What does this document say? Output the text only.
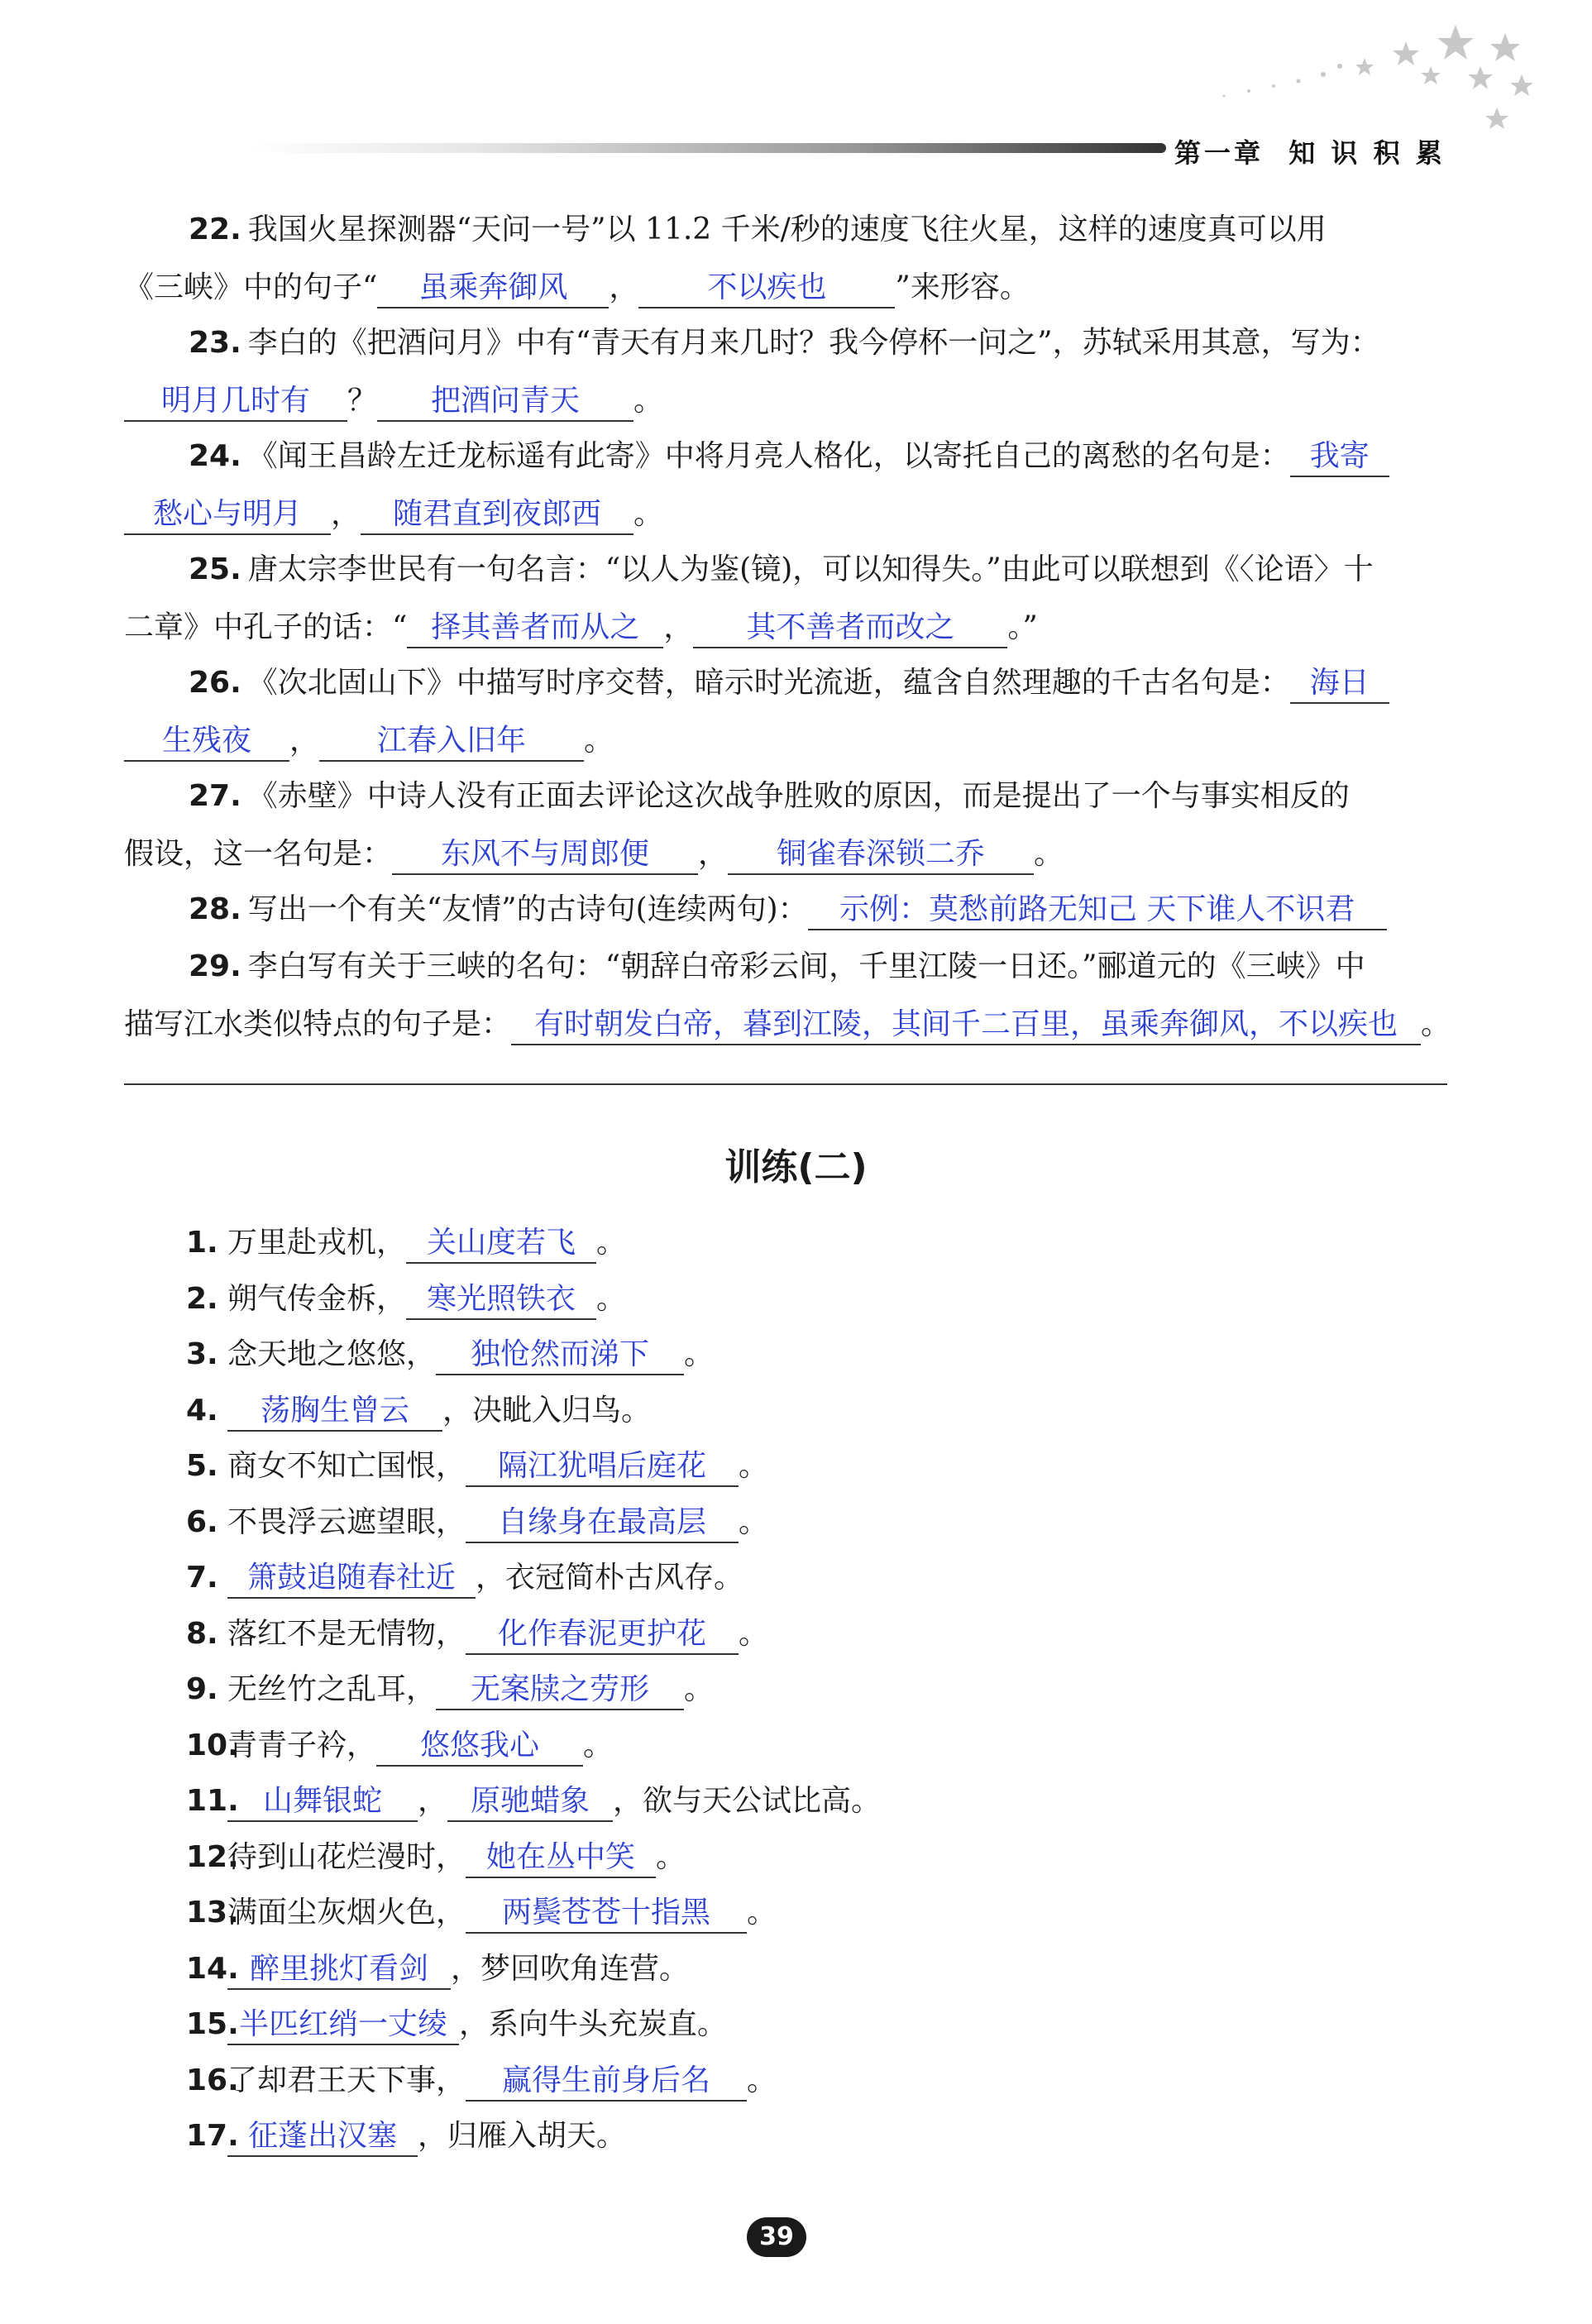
第一章  知 识 积 累
22. 我国火星探测器“天问一号”以 11.2 千米/秒的速度飞往火星，这样的速度真可以用
《三峡》中的句子“ 虽乘奔御风 ， 不以疾也 ”来形容。
23. 李白的《把酒问月》中有“青天有月来几时？我今停杯一问之”，苏轼采用其意，写为：
明月几时有 ？ 把酒问青天 。
24. 《闻王昌龄左迁龙标遥有此寄》中将月亮人格化，以寄托自己的离愁的名句是： 我寄
愁心与明月 ， 随君直到夜郎西 。
25. 唐太宗李世民有一句名言：“以人为鉴(镜)，可以知得失。”由此可以联想到《〈论语〉十
二章》中孔子的话：“ 择其善者而从之 ， 其不善者而改之 。”
26. 《次北固山下》中描写时序交替，暗示时光流逝，蕴含自然理趣的千古名句是： 海日
生残夜 ， 江春入旧年 。
27. 《赤壁》中诗人没有正面去评论这次战争胜败的原因，而是提出了一个与事实相反的
假设，这一名句是： 东风不与周郎便 ， 铜雀春深锁二乔 。
28. 写出一个有关“友情”的古诗句(连续两句)： 示例：莫愁前路无知己 天下谁人不识君
29. 李白写有关于三峡的名句：“朝辞白帝彩云间，千里江陵一日还。”郦道元的《三峡》中
描写江水类似特点的句子是： 有时朝发白帝，暮到江陵，其间千二百里，虽乘奔御风，不以疾也 。
训练(二)
1. 万里赴戎机， 关山度若飞 。
2. 朔气传金柝， 寒光照铁衣 。
3. 念天地之悠悠， 独怆然而涕下 。
4. 荡胸生曾云 ，决眦入归鸟。
5. 商女不知亡国恨， 隔江犹唱后庭花 。
6. 不畏浮云遮望眼， 自缘身在最高层 。
7. 箫鼓追随春社近 ，衣冠简朴古风存。
8. 落红不是无情物， 化作春泥更护花 。
9. 无丝竹之乱耳， 无案牍之劳形 。
10.青青子衿， 悠悠我心 。
11. 山舞银蛇 ， 原驰蜡象 ，欲与天公试比高。
12.待到山花烂漫时， 她在丛中笑 。
13.满面尘灰烟火色， 两鬓苍苍十指黑 。
14. 醉里挑灯看剑 ，梦回吹角连营。
15.半匹红绡一丈绫 ，系向牛头充炭直。
16.了却君王天下事， 赢得生前身后名 。
17. 征蓬出汉塞 ，归雁入胡天。
39
